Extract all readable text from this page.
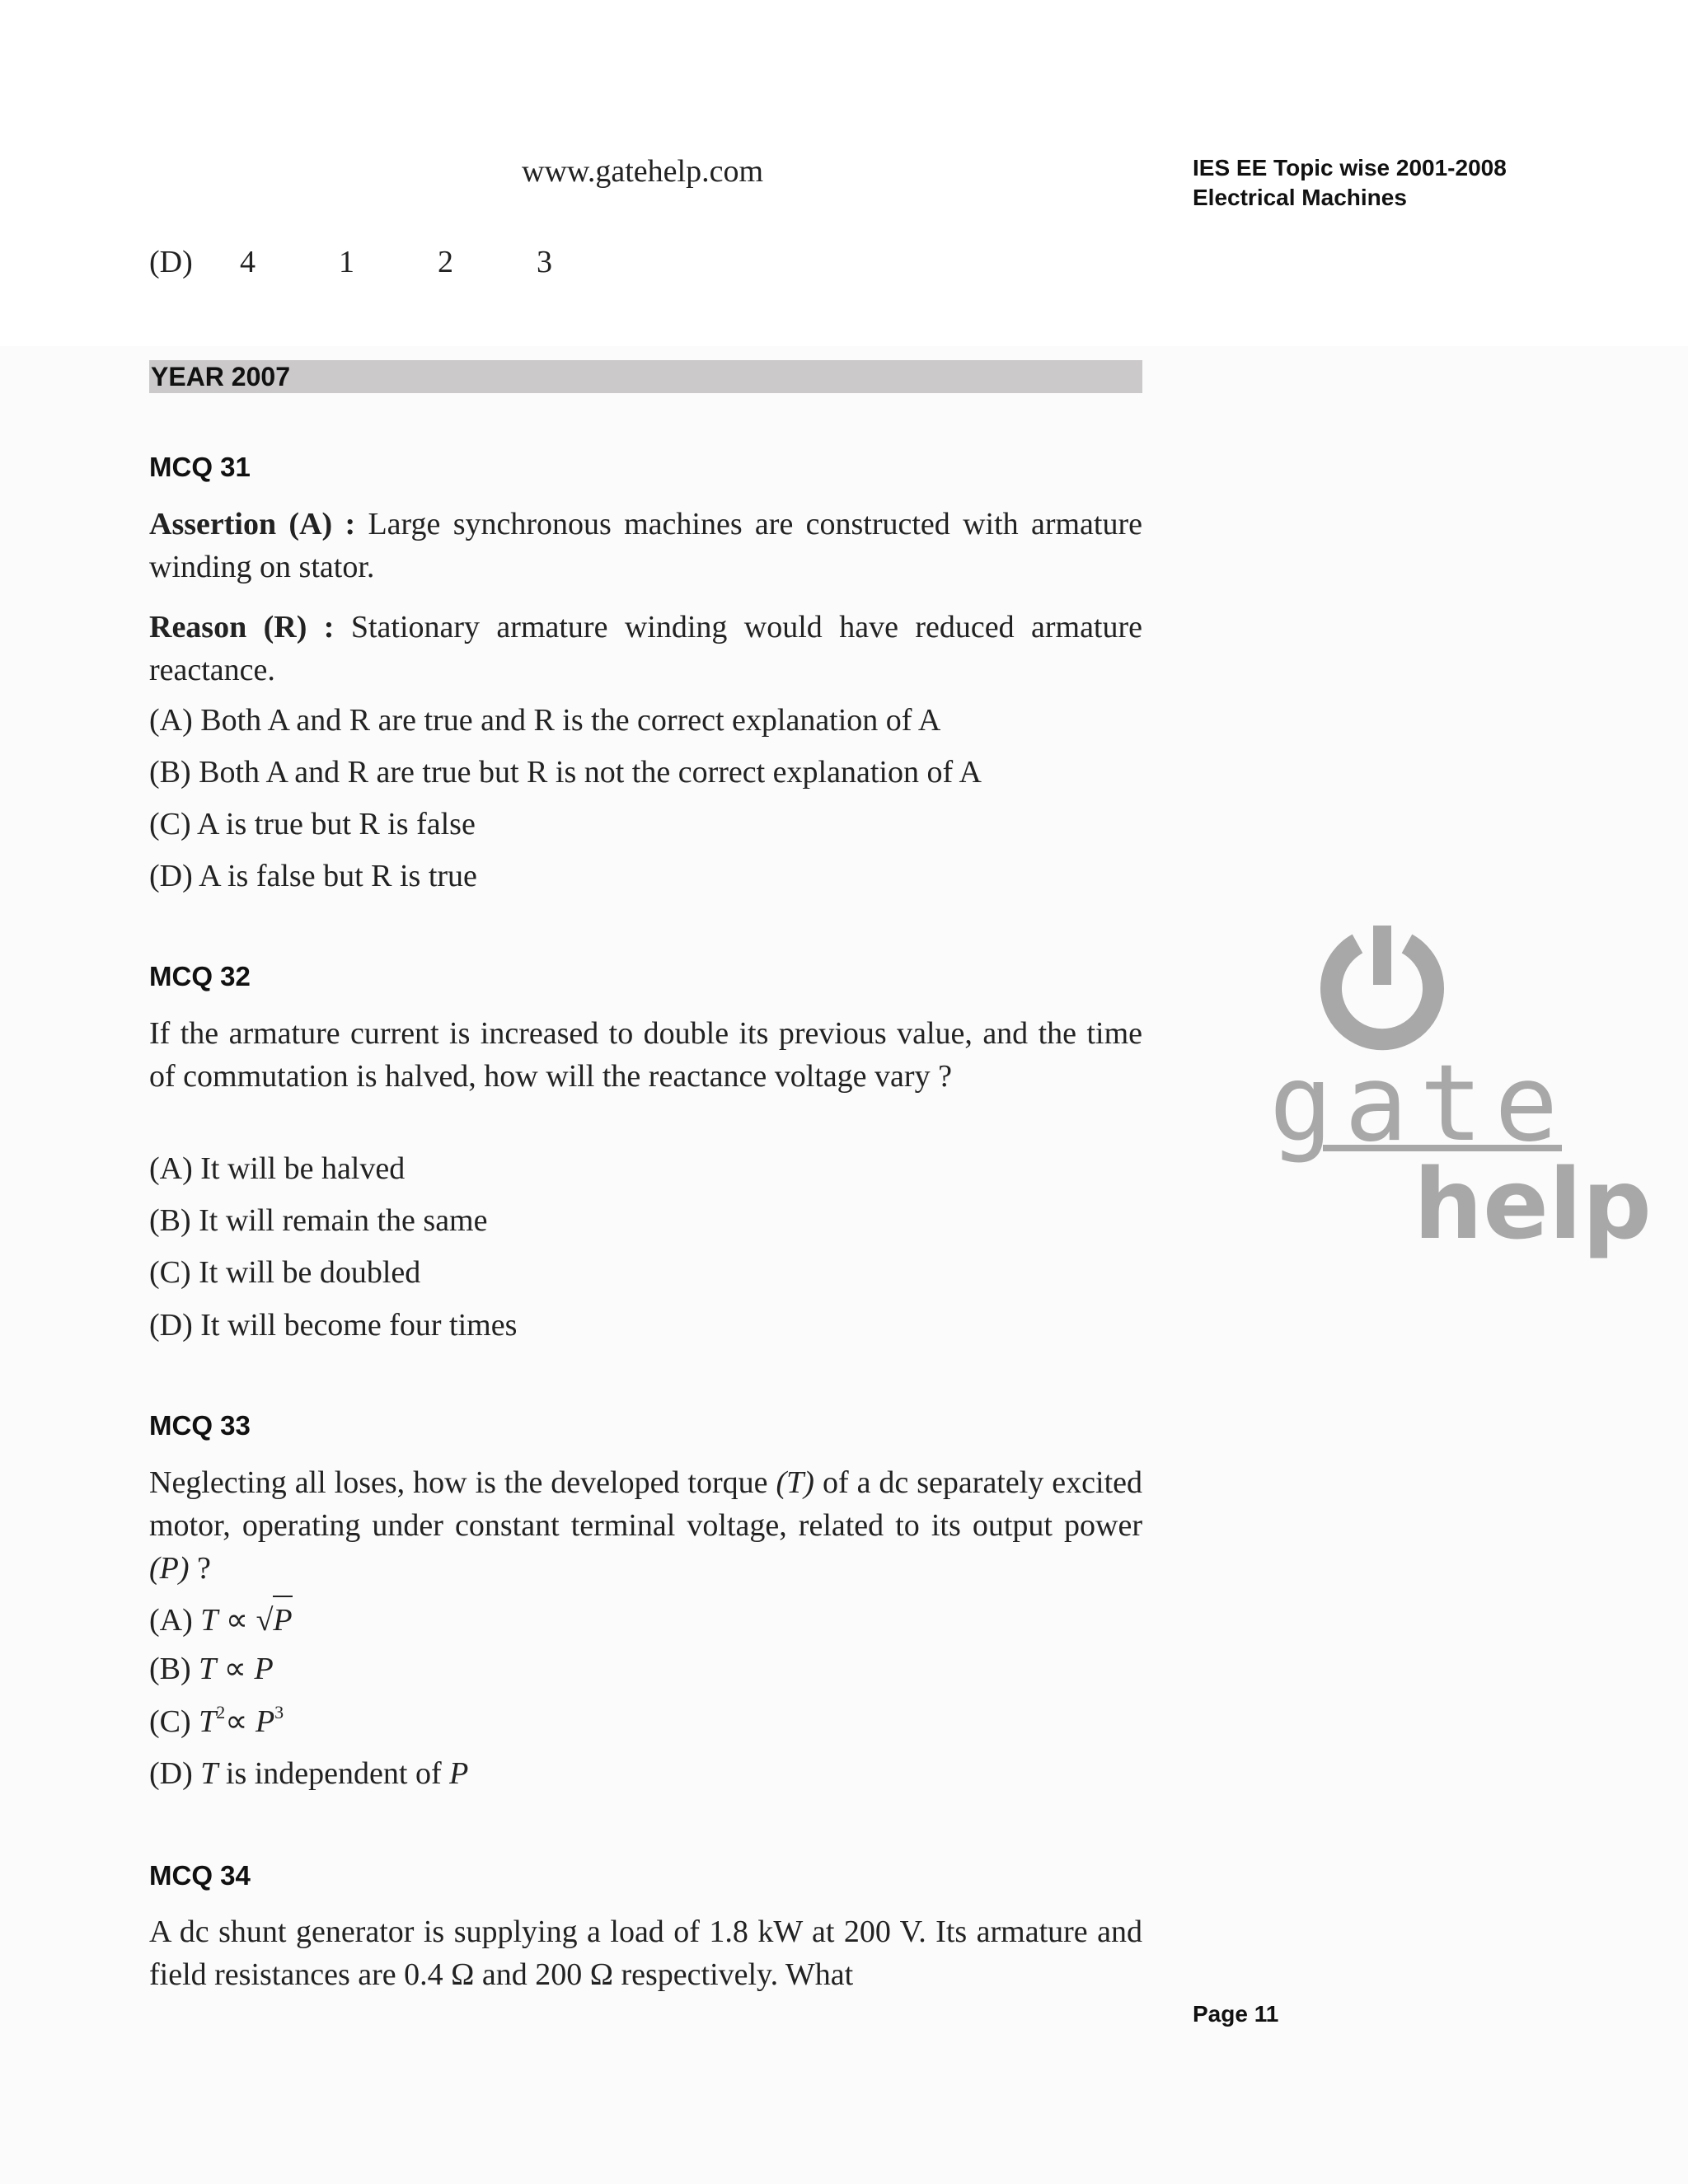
www.gatehelp.com	IES EE Topic wise 2001-2008
Electrical Machines
(D)	4	1	2	3
YEAR 2007
MCQ 31
Assertion (A) : Large synchronous machines are constructed with armature winding on stator.
Reason (R) : Stationary armature winding would have reduced armature reactance.
(A) Both A and R are true and R is the correct explanation of A
(B) Both A and R are true but R is not the correct explanation of A
(C) A is true but R is false
(D) A is false but R is true
MCQ 32
If the armature current is increased to double its previous value, and the time of commutation is halved, how will the reactance voltage vary ?
(A) It will be halved
(B) It will remain the same
(C) It will be doubled
(D) It will become four times
MCQ 33
Neglecting all loses, how is the developed torque (T) of a dc separately excited motor, operating under constant terminal voltage, related to its output power (P) ?
(A) T ∝ √P
(B) T ∝ P
(C) $T^2\propto P^3$
(D) T is independent of P
MCQ 34
A dc shunt generator is supplying a load of 1.8 kW at 200 V. Its armature and field resistances are 0.4 Ω and 200 Ω respectively. What
gate
help
Page 11
